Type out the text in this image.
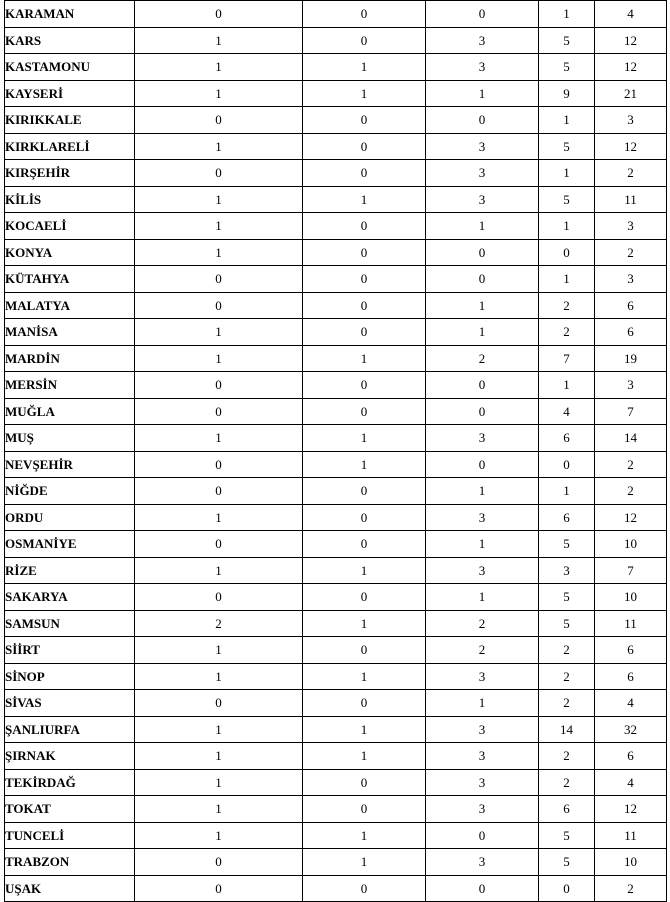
KARAMAN	0	0	0	1	4
KARS	1	0	3	5	12
KASTAMONU	1	1	3	5	12
KAYSERİ	1	1	1	9	21
KIRIKKALE	0	0	0	1	3
KIRKLARELİ	1	0	3	5	12
KIRŞEHİR	0	0	3	1	2
KİLİS	1	1	3	5	11
KOCAELİ	1	0	1	1	3
KONYA	1	0	0	0	2
KÜTAHYA	0	0	0	1	3
MALATYA	0	0	1	2	6
MANİSA	1	0	1	2	6
MARDİN	1	1	2	7	19
MERSİN	0	0	0	1	3
MUĞLA	0	0	0	4	7
MUŞ	1	1	3	6	14
NEVŞEHİR	0	1	0	0	2
NİĞDE	0	0	1	1	2
ORDU	1	0	3	6	12
OSMANİYE	0	0	1	5	10
RİZE	1	1	3	3	7
SAKARYA	0	0	1	5	10
SAMSUN	2	1	2	5	11
SİİRT	1	0	2	2	6
SİNOP	1	1	3	2	6
SİVAS	0	0	1	2	4
ŞANLIURFA	1	1	3	14	32
ŞIRNAK	1	1	3	2	6
TEKİRDAĞ	1	0	3	2	4
TOKAT	1	0	3	6	12
TUNCELİ	1	1	0	5	11
TRABZON	0	1	3	5	10
UŞAK	0	0	0	0	2
